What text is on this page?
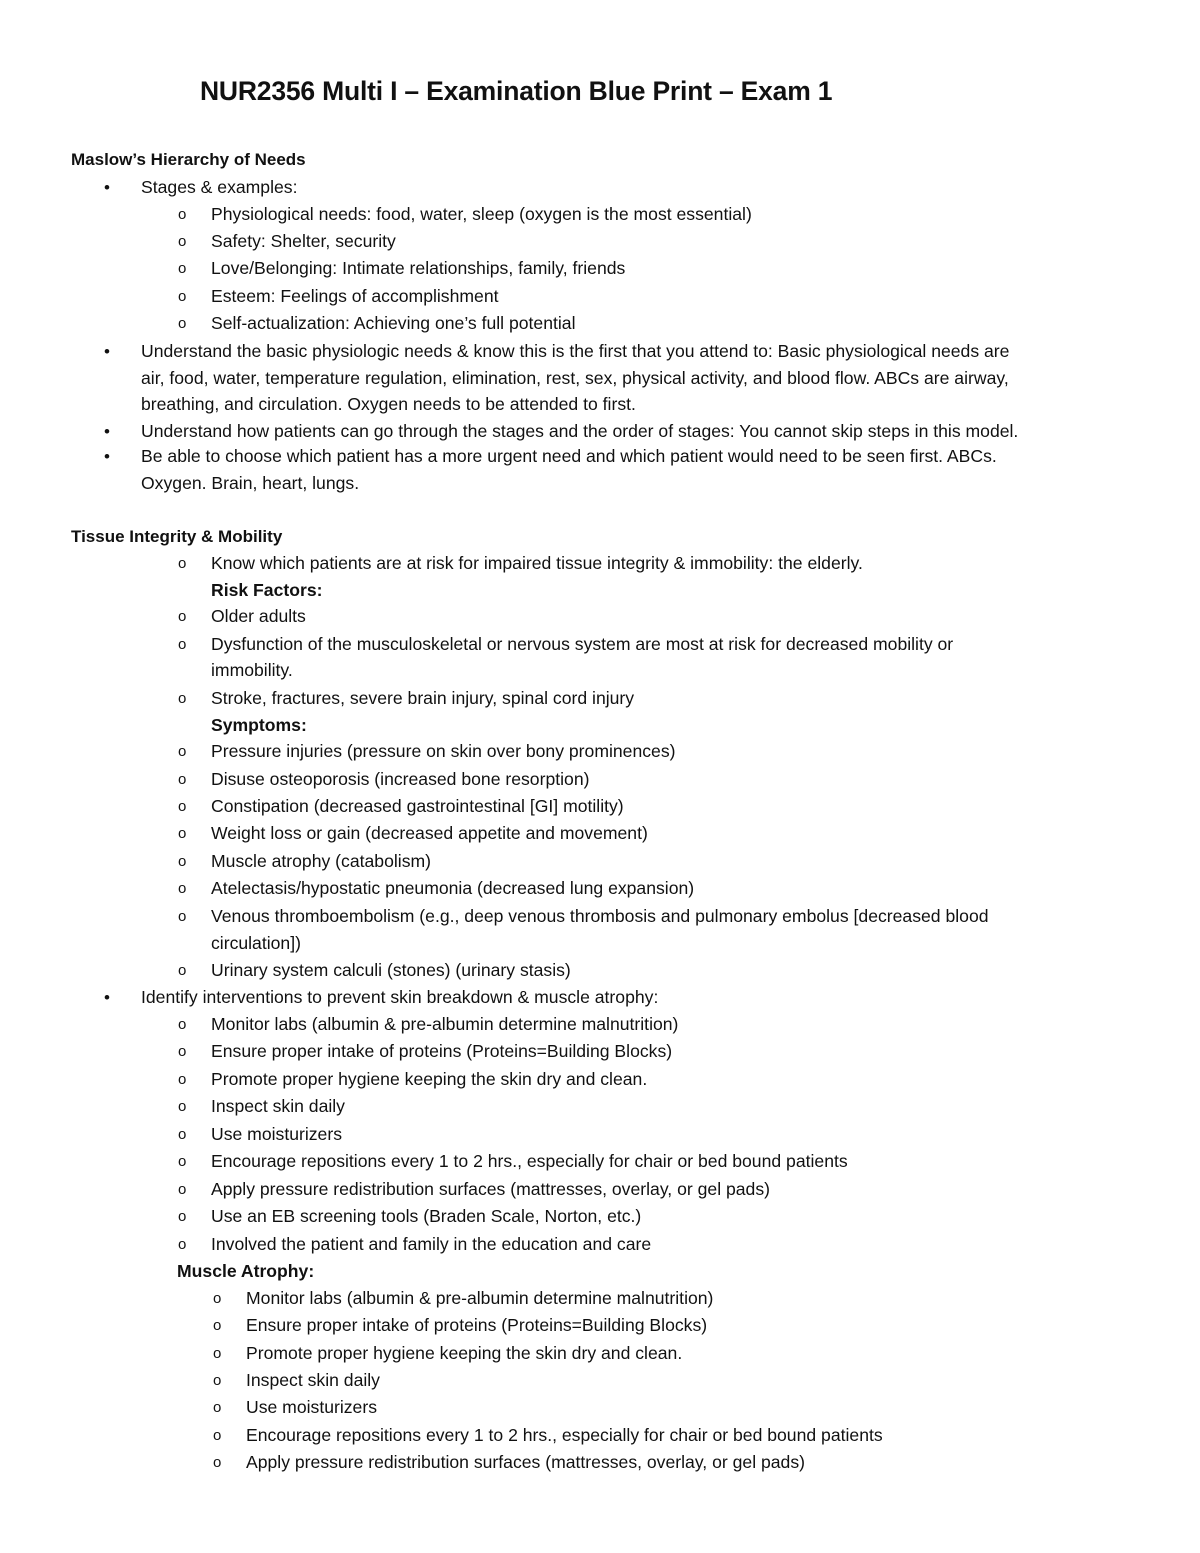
NUR2356 Multi I – Examination Blue Print – Exam 1
Maslow’s Hierarchy of Needs
• Stages & examples:
o Physiological needs: food, water, sleep (oxygen is the most essential)
o Safety: Shelter, security
o Love/Belonging: Intimate relationships, family, friends
o Esteem: Feelings of accomplishment
o Self-actualization: Achieving one’s full potential
• Understand the basic physiologic needs & know this is the first that you attend to: Basic physiological needs are
air, food, water, temperature regulation, elimination, rest, sex, physical activity, and blood flow. ABCs are airway,
breathing, and circulation. Oxygen needs to be attended to first.
• Understand how patients can go through the stages and the order of stages: You cannot skip steps in this model.
• Be able to choose which patient has a more urgent need and which patient would need to be seen first. ABCs.
Oxygen. Brain, heart, lungs.
Tissue Integrity & Mobility
o Know which patients are at risk for impaired tissue integrity & immobility: the elderly.
Risk Factors:
o Older adults
o Dysfunction of the musculoskeletal or nervous system are most at risk for decreased mobility or
immobility.
o Stroke, fractures, severe brain injury, spinal cord injury
Symptoms:
o Pressure injuries (pressure on skin over bony prominences)
o Disuse osteoporosis (increased bone resorption)
o Constipation (decreased gastrointestinal [GI] motility)
o Weight loss or gain (decreased appetite and movement)
o Muscle atrophy (catabolism)
o Atelectasis/hypostatic pneumonia (decreased lung expansion)
o Venous thromboembolism (e.g., deep venous thrombosis and pulmonary embolus [decreased blood
circulation])
o Urinary system calculi (stones) (urinary stasis)
• Identify interventions to prevent skin breakdown & muscle atrophy:
o Monitor labs (albumin & pre-albumin determine malnutrition)
o Ensure proper intake of proteins (Proteins=Building Blocks)
o Promote proper hygiene keeping the skin dry and clean.
o Inspect skin daily
o Use moisturizers
o Encourage repositions every 1 to 2 hrs., especially for chair or bed bound patients
o Apply pressure redistribution surfaces (mattresses, overlay, or gel pads)
o Use an EB screening tools (Braden Scale, Norton, etc.)
o Involved the patient and family in the education and care
Muscle Atrophy:
o Monitor labs (albumin & pre-albumin determine malnutrition)
o Ensure proper intake of proteins (Proteins=Building Blocks)
o Promote proper hygiene keeping the skin dry and clean.
o Inspect skin daily
o Use moisturizers
o Encourage repositions every 1 to 2 hrs., especially for chair or bed bound patients
o Apply pressure redistribution surfaces (mattresses, overlay, or gel pads)
